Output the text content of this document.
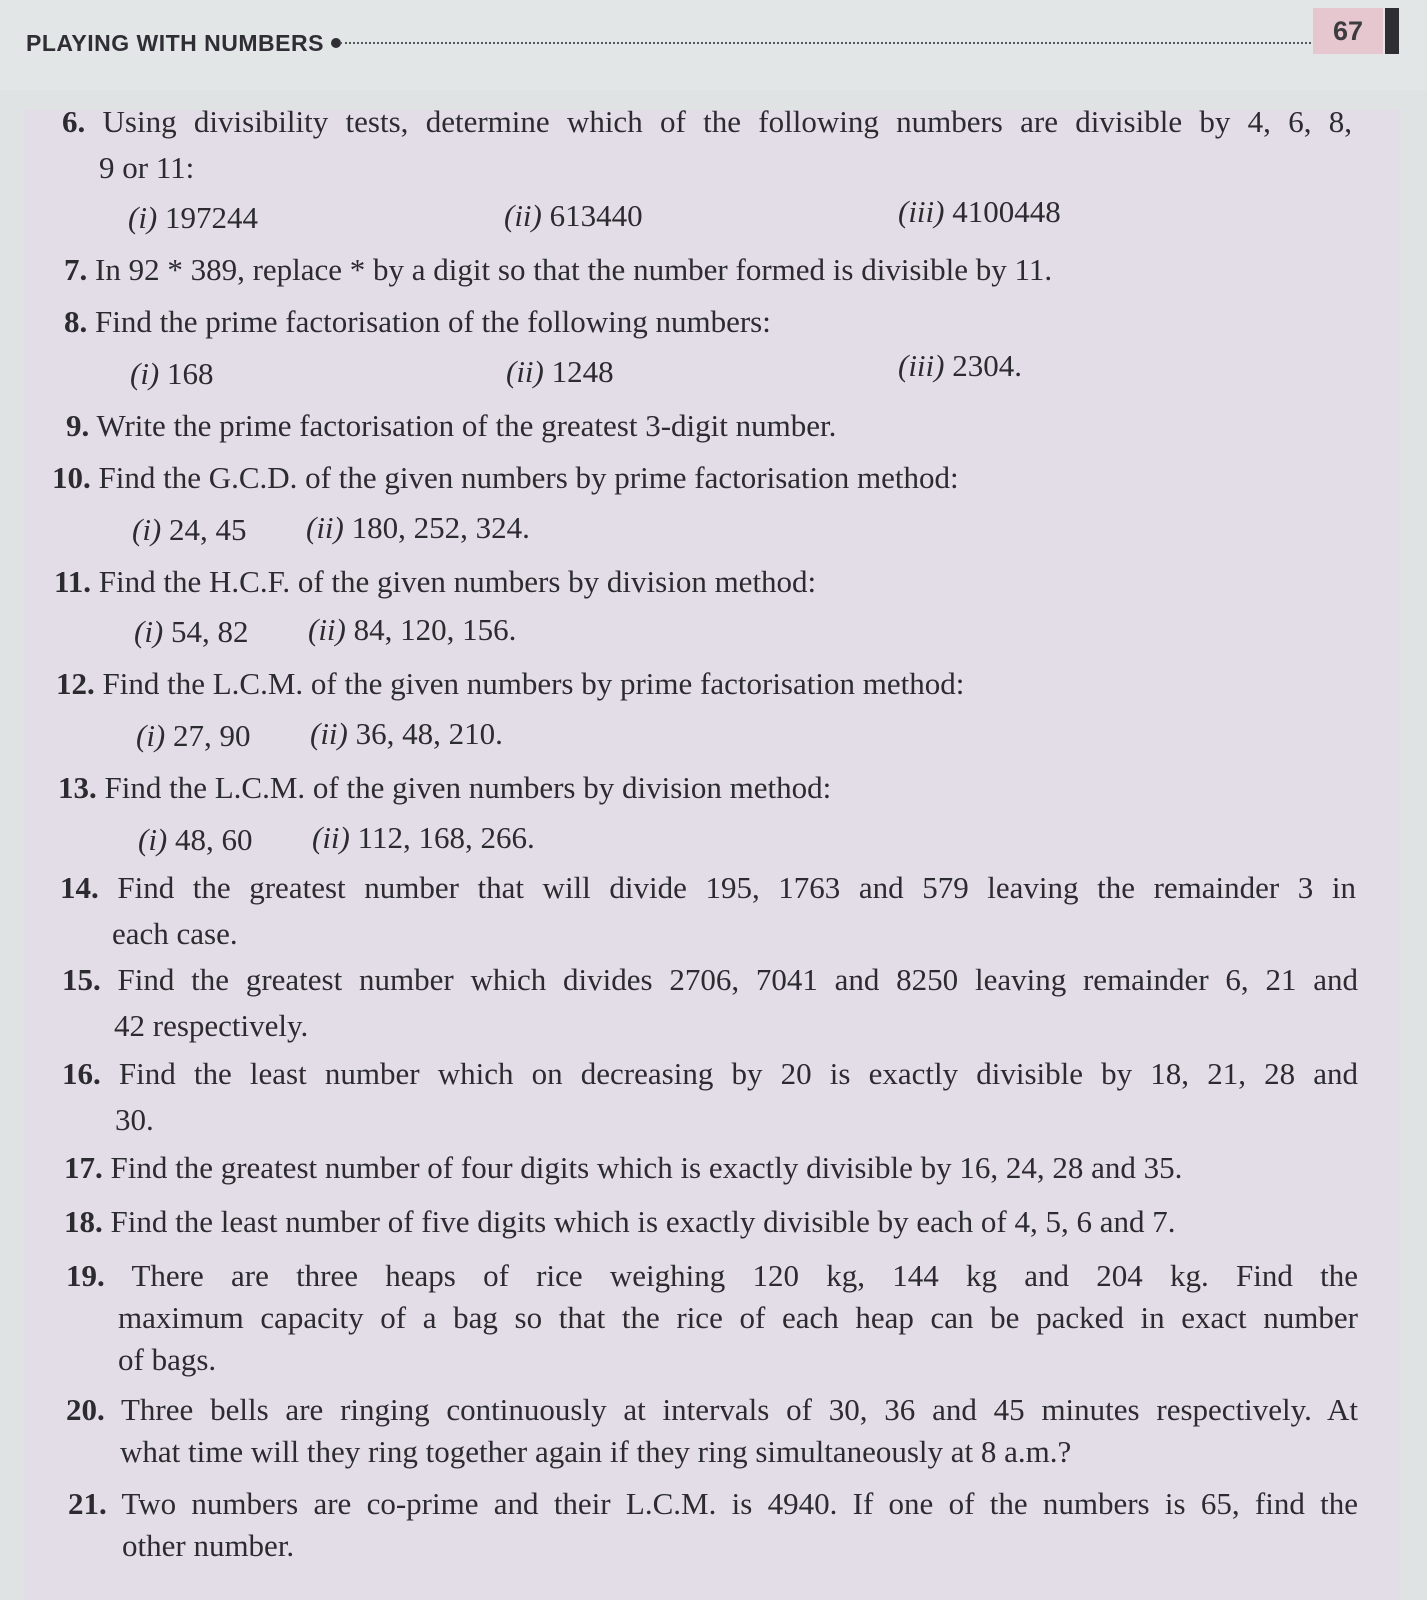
PLAYING WITH NUMBERS	67
6. Using divisibility tests, determine which of the following numbers are divisible by 4, 6, 8,
9 or 11:
(i) 197244	(ii) 613440	(iii) 4100448
7. In 92 * 389, replace * by a digit so that the number formed is divisible by 11.
8. Find the prime factorisation of the following numbers:
(i) 168	(ii) 1248	(iii) 2304.
9. Write the prime factorisation of the greatest 3-digit number.
10. Find the G.C.D. of the given numbers by prime factorisation method:
(i) 24, 45 (ii) 180, 252, 324.
11. Find the H.C.F. of the given numbers by division method:
(i) 54, 82 (ii) 84, 120, 156.
12. Find the L.C.M. of the given numbers by prime factorisation method:
(i) 27, 90 (ii) 36, 48, 210.
13. Find the L.C.M. of the given numbers by division method:
(i) 48, 60 (ii) 112, 168, 266.
14. Find the greatest number that will divide 195, 1763 and 579 leaving the remainder 3 in
each case.
15. Find the greatest number which divides 2706, 7041 and 8250 leaving remainder 6, 21 and
42 respectively.
16. Find the least number which on decreasing by 20 is exactly divisible by 18, 21, 28 and
30.
17. Find the greatest number of four digits which is exactly divisible by 16, 24, 28 and 35.
18. Find the least number of five digits which is exactly divisible by each of 4, 5, 6 and 7.
19. There are three heaps of rice weighing 120 kg, 144 kg and 204 kg. Find the
maximum capacity of a bag so that the rice of each heap can be packed in exact number
of bags.
20. Three bells are ringing continuously at intervals of 30, 36 and 45 minutes respectively. At
what time will they ring together again if they ring simultaneously at 8 a.m.?
21. Two numbers are co-prime and their L.C.M. is 4940. If one of the numbers is 65, find the
other number.
